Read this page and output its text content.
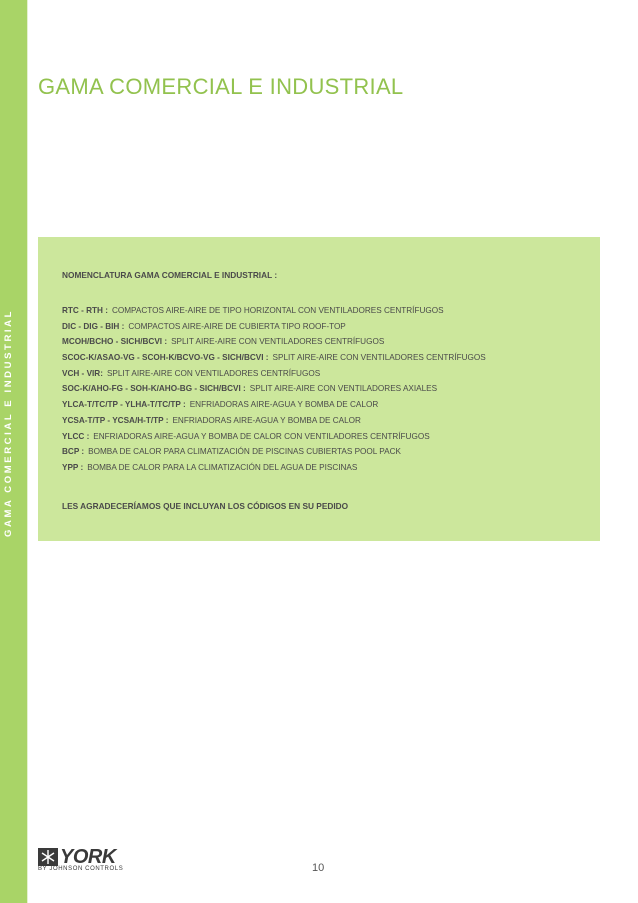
GAMA COMERCIAL E INDUSTRIAL
GAMA COMERCIAL E INDUSTRIAL
NOMENCLATURA GAMA COMERCIAL E INDUSTRIAL :
RTC - RTH : COMPACTOS AIRE-AIRE DE TIPO HORIZONTAL CON VENTILADORES CENTRÍFUGOS
DIC - DIG - BIH : COMPACTOS AIRE-AIRE DE CUBIERTA TIPO ROOF-TOP
MCOH/BCHO - SICH/BCVI : SPLIT AIRE-AIRE CON VENTILADORES CENTRÍFUGOS
SCOC-K/ASAO-VG - SCOH-K/BCVO-VG - SICH/BCVI : SPLIT AIRE-AIRE CON VENTILADORES CENTRÍFUGOS
VCH - VIR: SPLIT AIRE-AIRE CON VENTILADORES CENTRÍFUGOS
SOC-K/AHO-FG - SOH-K/AHO-BG - SICH/BCVI : SPLIT AIRE-AIRE CON VENTILADORES AXIALES
YLCA-T/TC/TP - YLHA-T/TC/TP : ENFRIADORAS AIRE-AGUA Y BOMBA DE CALOR
YCSA-T/TP - YCSA/H-T/TP : ENFRIADORAS AIRE-AGUA Y BOMBA DE CALOR
YLCC : ENFRIADORAS AIRE-AGUA Y BOMBA DE CALOR CON VENTILADORES CENTRÍFUGOS
BCP : BOMBA DE CALOR PARA CLIMATIZACIÓN DE PISCINAS CUBIERTAS POOL PACK
YPP : BOMBA DE CALOR PARA LA CLIMATIZACIÓN DEL AGUA DE PISCINAS
LES AGRADECERÍAMOS QUE INCLUYAN LOS CÓDIGOS EN SU PEDIDO
YORK
BY JOHNSON CONTROLS	10
